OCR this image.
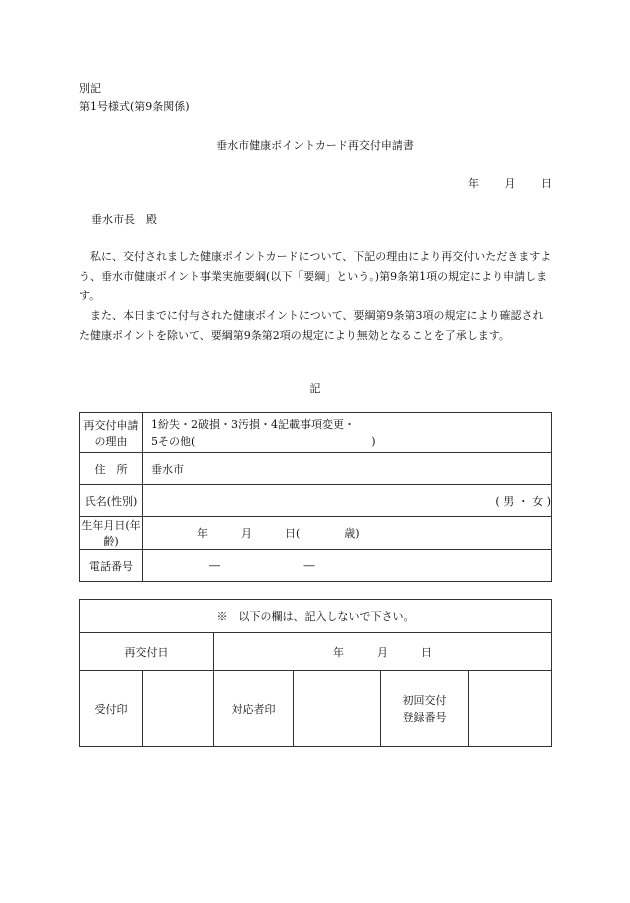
別記
第1号様式(第9条関係)
垂水市健康ポイントカード再交付申請書
年 月 日
垂水市長　殿
　私に、交付されました健康ポイントカードについて、下記の理由により再交付いただきますよう、垂水市健康ポイント事業実施要綱(以下「要綱」という。)第9条第1項の規定により申請します。
　また、本日までに付与された健康ポイントについて、要綱第9条第3項の規定により確認された健康ポイントを除いて、要綱第9条第2項の規定により無効となることを了承します。
記
再交付申請の理由	1紛失・2破損・3汚損・4記載事項変更・
5その他(　　　　　　　　　　　　　　　　)

住　所	垂水市
氏名(性別)	( 男 ・ 女 )
生年月日(年齢)	年　　　月　　　日(　　　　歳)
電話番号	― ―
※　以下の欄は、記入しないで下さい。					
再交付日		年　　　月　　　日			
受付印		対応者印		初回交付
登録番号	
